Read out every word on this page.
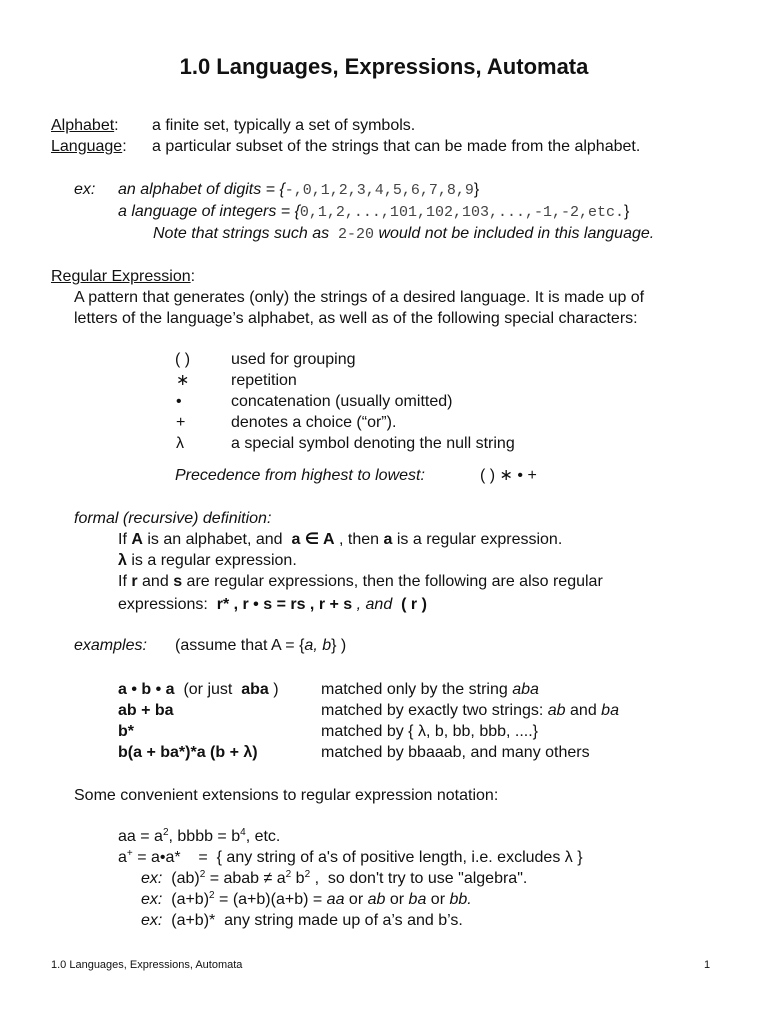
1.0 Languages, Expressions, Automata
Alphabet: a finite set, typically a set of symbols.
Language: a particular subset of the strings that can be made from the alphabet.
ex: an alphabet of digits = {-,0,1,2,3,4,5,6,7,8,9}
a language of integers = {0,1,2,...,101,102,103,...,-1,-2,etc.}
Note that strings such as 2-20 would not be included in this language.
Regular Expression:
A pattern that generates (only) the strings of a desired language. It is made up of
letters of the language’s alphabet, as well as of the following special characters:
( )	used for grouping
∗	repetition
•	concatenation (usually omitted)
+	denotes a choice (“or”).
λ	a special symbol denoting the null string
Precedence from highest to lowest:	( ) ∗ • +
formal (recursive) definition:
If A is an alphabet, and a ∈ A , then a is a regular expression.
λ is a regular expression.
If r and s are regular expressions, then the following are also regular
expressions: r* , r • s = rs , r + s , and ( r )
examples: (assume that A = {a, b} )
a • b • a (or just aba )	matched only by the string aba
ab + ba	matched by exactly two strings: ab and ba
b*	matched by { λ, b, bb, bbb, ....}
b(a + ba*)*a (b + λ)	matched by bbaaab, and many others
Some convenient extensions to regular expression notation:
aa = $a^2$, bbbb = $b^4$, etc.
a+ = a•a*    =  { any string of a's of positive length, i.e. excludes λ }
ex: (ab)$^2$ = abab ≠ $a^2$ $b^2$ ,  so don't try to use "algebra".
ex: $(a+b)^2 = (a+b)(a+b)$ = aa or ab or ba or bb.
ex: (a+b)*  any string made up of a’s and b’s.
1.0 Languages, Expressions, Automata	1
